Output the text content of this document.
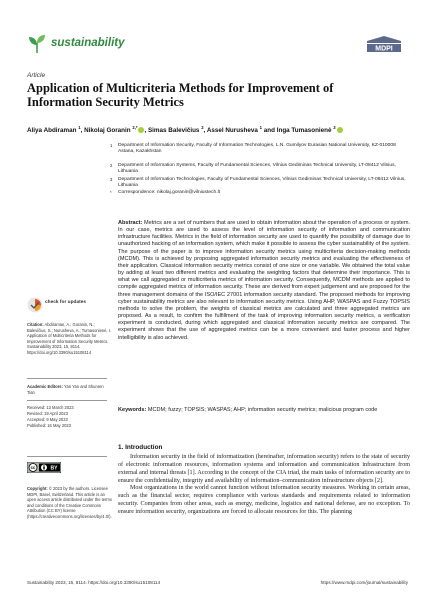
sustainability	MDPI
Article
Application of Multicriteria Methods for Improvement of Information Security Metrics
Aliya Abdiraman $^1$, Nikolaj Goranin $^{2,*}$ , Simas Balevičius $^2$, Assel Nurusheva $^1$ and Inga Tumasonienė $^3$
1 Department of Information Security, Faculty of Information Technologies, L.N. Gumilyov Eurasian National University, KZ-010008 Astana, Kazakhstan
2 Department of Information Systems, Faculty of Fundamental Sciences, Vilnius Gediminas Technical University, LT-08412 Vilnius, Lithuania
3 Department of Information Technologies, Faculty of Fundamental Sciences, Vilnius Gediminas Technical University, LT-08412 Vilnius, Lithuania
* Correspondence: nikolaj.goranin@vilniustech.lt
Abstract: Metrics are a set of numbers that are used to obtain information about the operation of a process or system. In our case, metrics are used to assess the level of information security of information and communication infrastructure facilities. Metrics in the field of information security are used to quantify the possibility of damage due to unauthorized hacking of an information system, which make it possible to assess the cyber sustainability of the system. The purpose of the paper is to improve information security metrics using multicriteria decision-making methods (MCDM). This is achieved by proposing aggregated information security metrics and evaluating the effectiveness of their application. Classical information security metrics consist of one size or one variable. We obtained the total value by adding at least two different metrics and evaluating the weighting factors that determine their importance. This is what we call aggregated or multicriteria metrics of information security. Consequently, MCDM methods are applied to compile aggregated metrics of information security. These are derived from expert judgement and are proposed for the three management domains of the ISO/IEC 27001 information security standard. The proposed methods for improving cyber sustainability metrics are also relevant to information security metrics. Using AHP, WASPAS and Fuzzy TOPSIS methods to solve the problem, the weights of classical metrics are calculated and three aggregated metrics are proposed. As a result, to confirm the fulfillment of the task of improving information security metrics, a verification experiment is conducted, during which aggregated and classical information security metrics are compared. The experiment shows that the use of aggregated metrics can be a more convenient and faster process and higher intelligibility is also achieved.
Keywords: MCDM; fuzzy; TOPSIS; WASPAS; AHP; information security metrics; malicious program code
check for updates
Citation: Abdiraman, A.; Goranin, N.; Balevičius, S.; Nurusheva, A.; Tumasonienė, I. Application of Multicriteria Methods for Improvement of Information Security Metrics. Sustainability 2023, 15, 8114. https://doi.org/10.3390/su15108114
Academic Editors: Yan Yan and Shunren Tian
Received: 13 March 2023
Revised: 19 April 2023
Accepted: 9 May 2023
Published: 16 May 2023
cc	BY
Copyright: © 2023 by the authors. Licensee MDPI, Basel, Switzerland. This article is an open access article distributed under the terms and conditions of the Creative Commons Attribution (CC BY) license (https://creativecommons.org/licenses/by/4.0/).
1. Introduction

Information security in the field of informatization (hereinafter, information security) refers to the state of security of electronic information resources, information systems and information and communication infrastructure from external and internal threats [1]. According to the concept of the CIA triad, the main tasks of information security are to ensure the confidentiality, integrity and availability of information–communication infrastructure objects [2].

Most organizations in the world cannot function without information security measures. Working in certain areas, such as the financial sector, requires compliance with various standards and requirements related to information security. Companies from other areas, such as energy, medicine, logistics and national defense, are no exception. To ensure information security, organizations are forced to allocate resources for this. The planning

Sustainability 2023, 15, 8114. https://doi.org/10.3390/su15108114	https://www.mdpi.com/journal/sustainability
